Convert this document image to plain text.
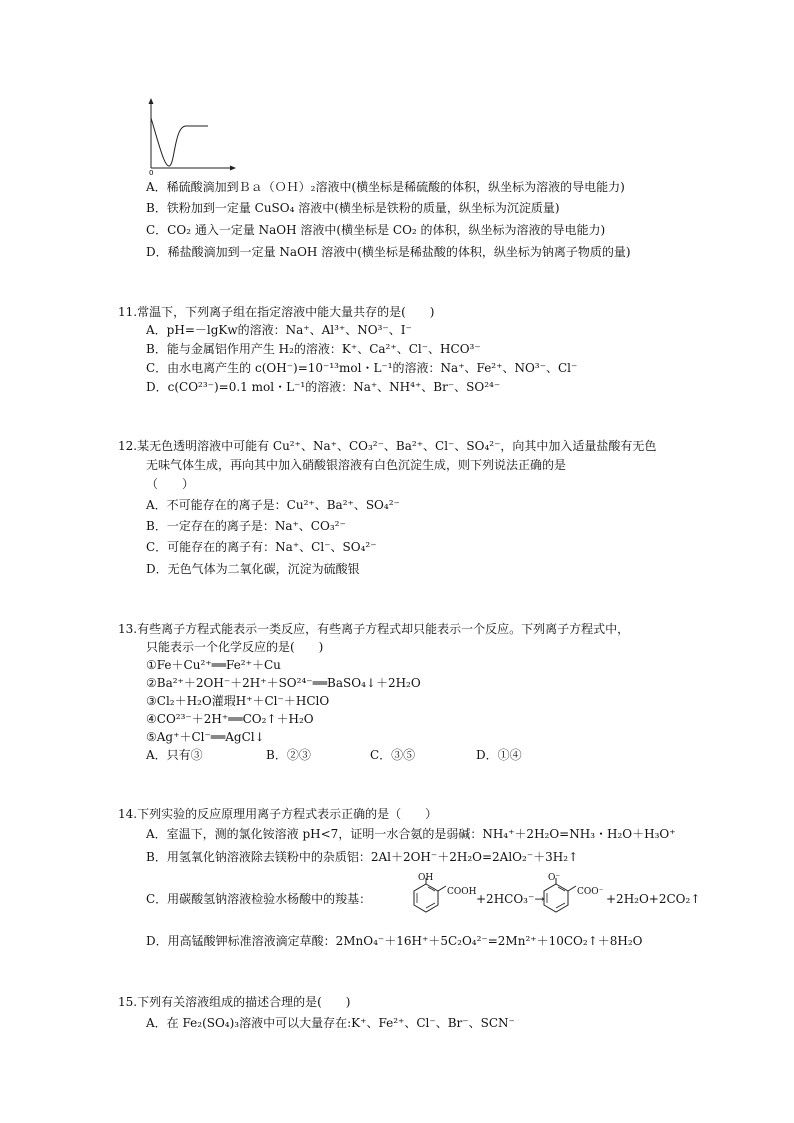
0
A．稀硫酸滴加到Ｂａ（ＯＨ）₂溶液中(横坐标是稀硫酸的体积，纵坐标为溶液的导电能力)
B．铁粉加到一定量 CuSO₄ 溶液中(横坐标是铁粉的质量，纵坐标为沉淀质量)
C．CO₂ 通入一定量 NaOH 溶液中(横坐标是 CO₂ 的体积，纵坐标为溶液的导电能力)
D．稀盐酸滴加到一定量 NaOH 溶液中(横坐标是稀盐酸的体积，纵坐标为钠离子物质的量)
11.常温下，下列离子组在指定溶液中能大量共存的是(　　)
A．pH=－lgKw的溶液：Na⁺、Al³⁺、NO³⁻、I⁻
B．能与金属铝作用产生 H₂的溶液：K⁺、Ca²⁺、Cl⁻、HCO³⁻
C．由水电离产生的 c(OH⁻)=10⁻¹³mol・L⁻¹的溶液：Na⁺、Fe²⁺、NO³⁻、Cl⁻
D．c(CO²³⁻)=0.1 mol・L⁻¹的溶液：Na⁺、NH⁴⁺、Br⁻、SO²⁴⁻
12.某无色透明溶液中可能有 Cu²⁺、Na⁺、CO₃²⁻、Ba²⁺、Cl⁻、SO₄²⁻，向其中加入适量盐酸有无色
无味气体生成，再向其中加入硝酸银溶液有白色沉淀生成，则下列说法正确的是
（　　）
A．不可能存在的离子是：Cu²⁺、Ba²⁺、SO₄²⁻
B．一定存在的离子是：Na⁺、CO₃²⁻
C．可能存在的离子有：Na⁺、Cl⁻、SO₄²⁻
D．无色气体为二氧化碳，沉淀为硫酸银
13.有些离子方程式能表示一类反应，有些离子方程式却只能表示一个反应。下列离子方程式中，
只能表示一个化学反应的是(　　)
①Fe＋Cu²⁺══Fe²⁺＋Cu
②Ba²⁺＋2OH⁻＋2H⁺＋SO²⁴⁻══BaSO₄↓＋2H₂O
③Cl₂＋H₂O灌瑕H⁺＋Cl⁻＋HClO
④CO²³⁻＋2H⁺══CO₂↑＋H₂O
⑤Ag⁺＋Cl⁻══AgCl↓
A．只有③	B．②③	C．③⑤	D．①④
14.下列实验的反应原理用离子方程式表示正确的是（　　）
A．室温下，测的氯化铵溶液 pH<7，证明一水合氨的是弱碱：NH₄⁺＋2H₂O=NH₃・H₂O＋H₃O⁺
B．用氢氧化钠溶液除去镁粉中的杂质铝：2Al＋2OH⁻＋2H₂O=2AlO₂⁻＋3H₂↑
C．用碳酸氢钠溶液检验水杨酸中的羧基：
OH
COOH +2HCO₃⁻→
O⁻
COO⁻ +2H₂O+2CO₂↑
D．用高锰酸钾标准溶液滴定草酸：2MnO₄⁻＋16H⁺＋5C₂O₄²⁻=2Mn²⁺＋10CO₂↑＋8H₂O
15.下列有关溶液组成的描述合理的是(　　)
A．在 Fe₂(SO₄)₃溶液中可以大量存在:K⁺、Fe²⁺、Cl⁻、Br⁻、SCN⁻
